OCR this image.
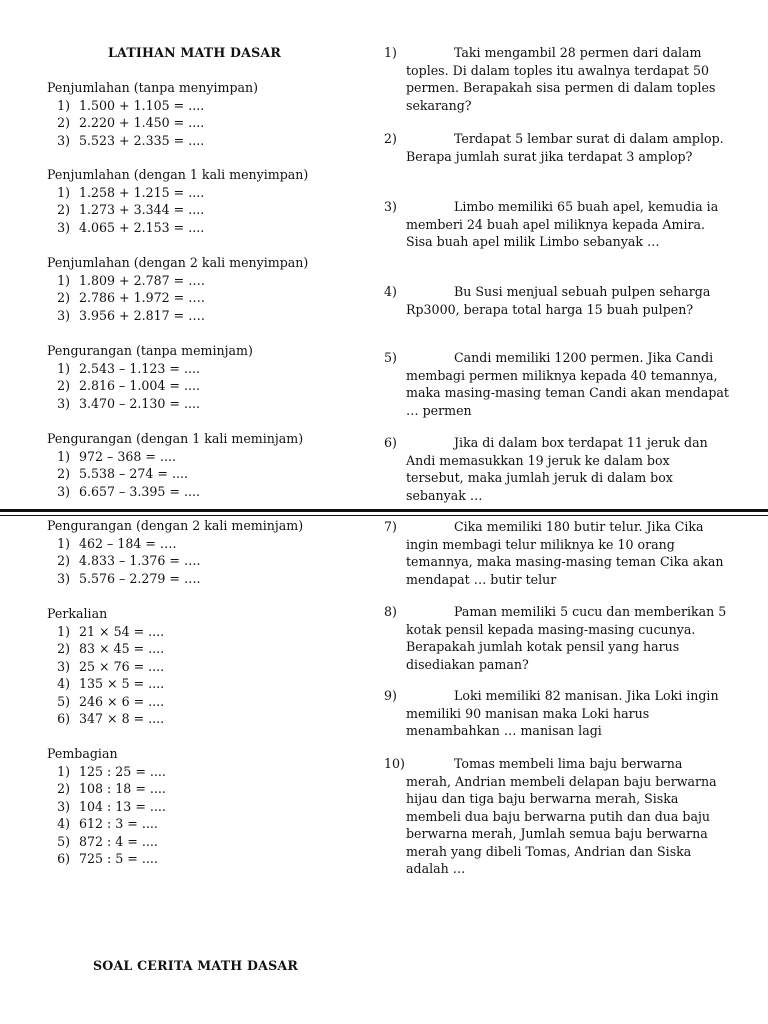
LATIHAN MATH DASAR

Penjumlahan (tanpa menyimpan)

1) 1.500 + 1.105 = ....
2) 2.220 + 1.450 = ....
3) 5.523 + 2.335 = ....

Penjumlahan (dengan 1 kali menyimpan)

1) 1.258 + 1.215 = ....
2) 1.273 + 3.344 = ....
3) 4.065 + 2.153 = ....

Penjumlahan (dengan 2 kali menyimpan)

1) 1.809 + 2.787 = ….
2) 2.786 + 1.972 = ….
3) 3.956 + 2.817 = ….

Pengurangan (tanpa meminjam)

1) 2.543 – 1.123 = ....
2) 2.816 – 1.004 = ....
3) 3.470 – 2.130 = ....

Pengurangan (dengan 1 kali meminjam)

1) 972 – 368 = ....
2) 5.538 – 274 = ....
3) 6.657 – 3.395 = ....

Pengurangan (dengan 2 kali meminjam)

1) 462 – 184 = ….
2) 4.833 – 1.376 = ….
3) 5.576 – 2.279 = ….

Perkalian

1) 21 × 54 = ....
2) 83 × 45 = ....
3) 25 × 76 = ....
4) 135 × 5 = ....
5) 246 × 6 = ....
6) 347 × 8 = ....

Pembagian

1) 125 : 25 = ....
2) 108 : 18 = ....
3) 104 : 13 = ....
4) 612 : 3 = ....
5) 872 : 4 = ....
6) 725 : 5 = ....
SOAL CERITA MATH DASAR
1)	Taki mengambil 28 permen dari dalam toples. Di dalam toples itu awalnya terdapat 50 permen. Berapakah sisa permen di dalam toples sekarang?
2)	Terdapat 5 lembar surat di dalam amplop. Berapa jumlah surat jika terdapat 3 amplop?
3)	Limbo memiliki 65 buah apel, kemudia ia memberi 24 buah apel miliknya kepada Amira. Sisa buah apel milik Limbo sebanyak …
4)	Bu Susi menjual sebuah pulpen seharga Rp3000, berapa total harga 15 buah pulpen?
5)	Candi memiliki 1200 permen. Jika Candi membagi permen miliknya kepada 40 temannya, maka masing-masing teman Candi akan mendapat … permen
6)	Jika di dalam box terdapat 11 jeruk dan Andi memasukkan 19 jeruk ke dalam box tersebut, maka jumlah jeruk di dalam box sebanyak …
7)	Cika memiliki 180 butir telur. Jika Cika ingin membagi telur miliknya ke 10 orang temannya, maka masing-masing teman Cika akan mendapat … butir telur
8)	Paman memiliki 5 cucu dan memberikan 5 kotak pensil kepada masing-masing cucunya. Berapakah jumlah kotak pensil yang harus disediakan paman?
9)	Loki memiliki 82 manisan. Jika Loki ingin memiliki 90 manisan maka Loki harus menambahkan … manisan lagi
10)	Tomas membeli lima baju berwarna merah, Andrian membeli delapan baju berwarna hijau dan tiga baju berwarna merah, Siska membeli dua baju berwarna putih dan dua baju berwarna merah, Jumlah semua baju berwarna merah yang dibeli Tomas, Andrian dan Siska adalah …
